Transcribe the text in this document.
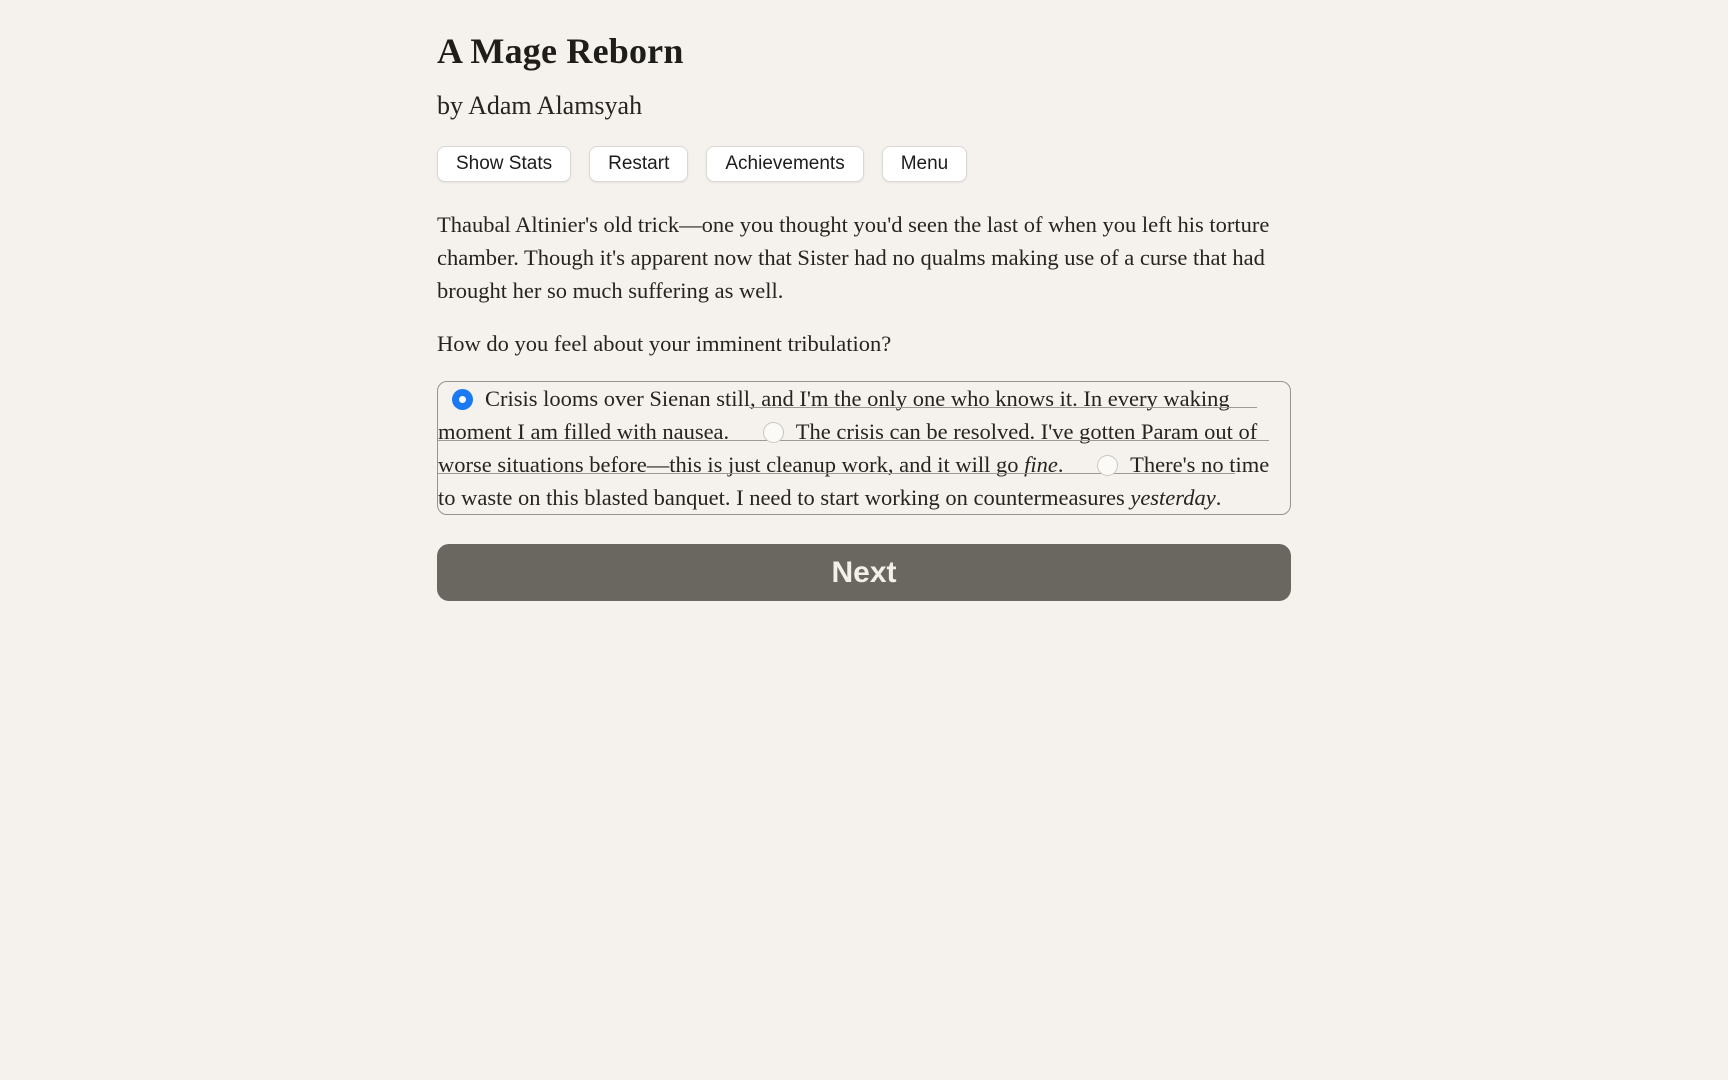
A Mage Reborn
by Adam Alamsyah
Show Stats	Restart	Achievements	Menu

Thaubal Altinier's old trick—one you thought you'd seen the last of when you left his torture chamber. Though it's apparent now that Sister had no qualms making use of a curse that had brought her so much suffering as well.

How do you feel about your imminent tribulation?

Crisis looms over Sienan still, and I'm the only one who knows it. In every waking moment I am filled with nausea.	The crisis can be resolved. I've gotten Param out of worse situations before—this is just cleanup work, and it will go fine.	There's no time to waste on this blasted banquet. I need to start working on countermeasures yesterday.
Next
